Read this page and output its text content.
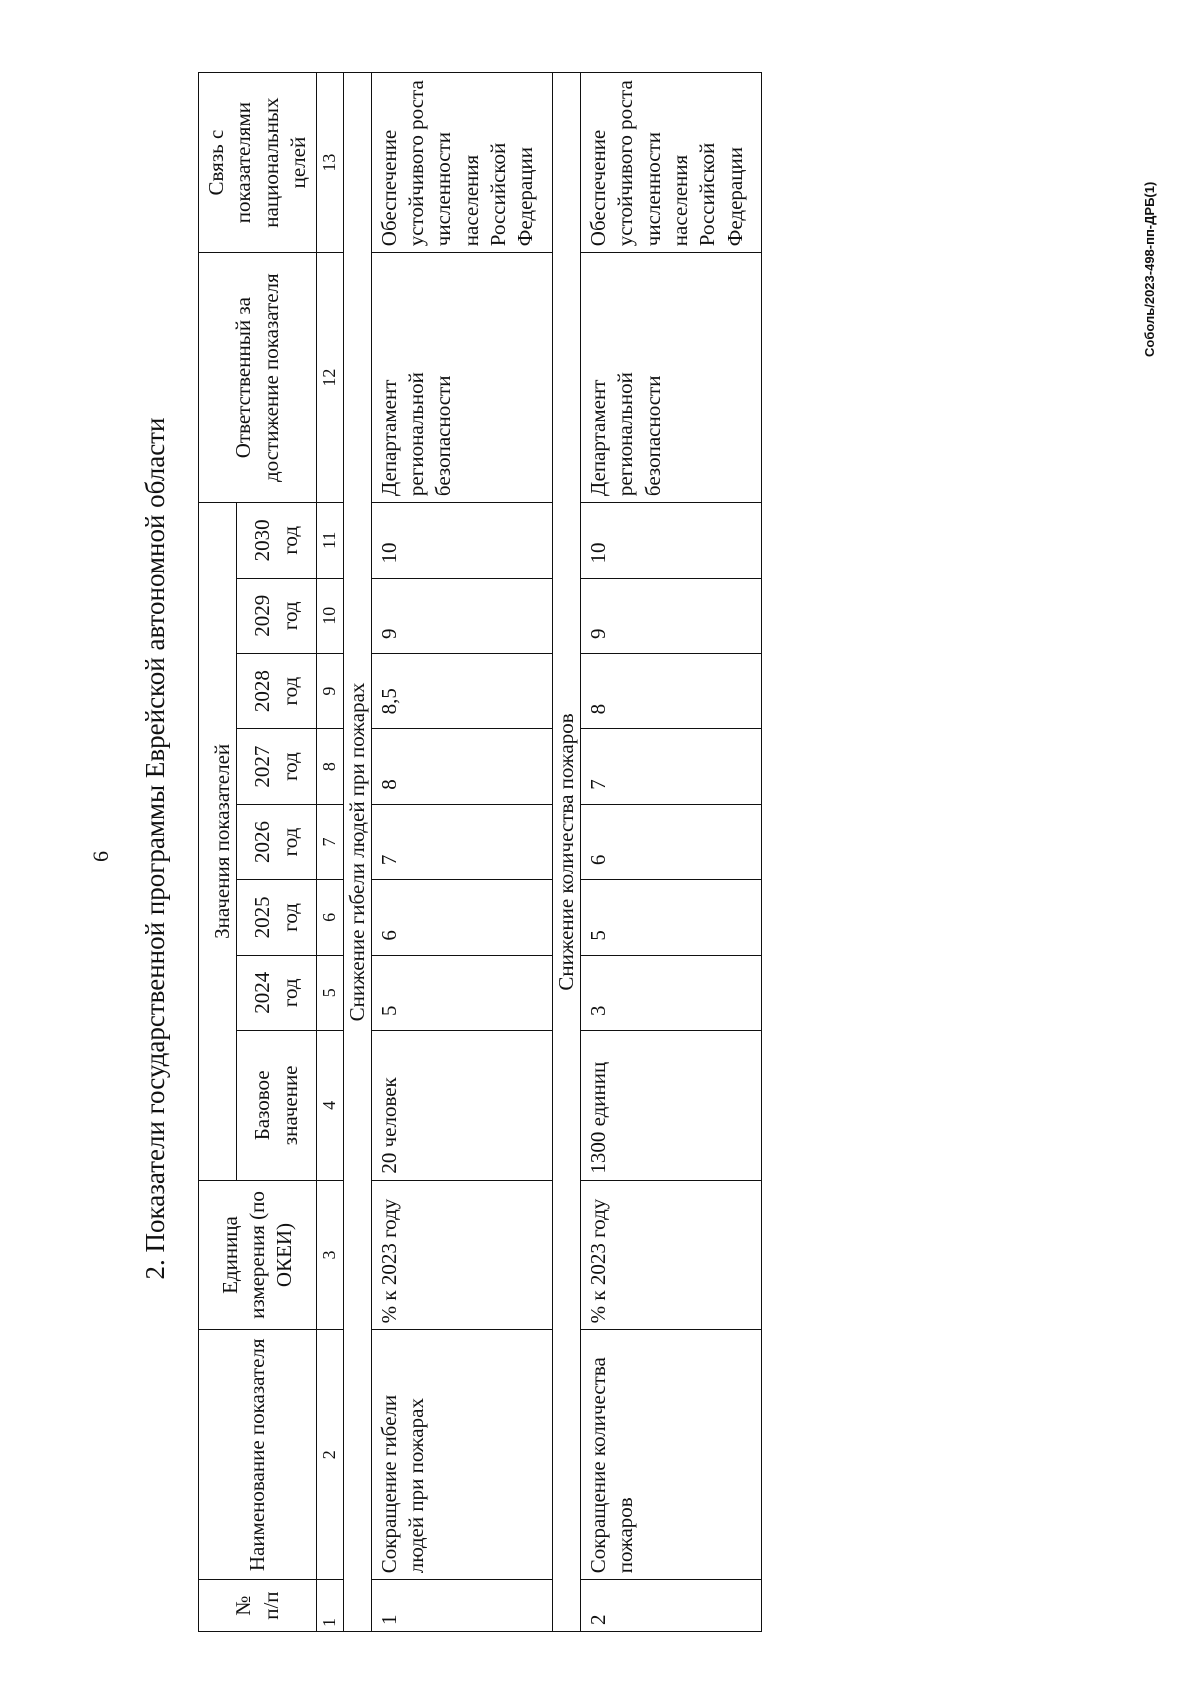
6 2. Показатели государственной программы Еврейской автономной области
№ п/п	Наименование показателя	Единица измерения (по ОКЕИ)	Значения показателей								Ответственный за достижение показателя	Связь с показателями национальных целей
			Базовое значение	2024 год	2025 год	2026 год	2027 год	2028 год	2029 год	2030 год		
1	2	3	4	5	6	7	8	9	10	11	12	13
Снижение гибели людей при пожарах												
1	Сокращение гибели людей при пожарах	% к 2023 году	20 человек	5	6	7	8	8,5	9	10	Департамент региональной безопасности	Обеспечение устойчивого роста численности населения Российской Федерации
Снижение количества пожаров												
2	Сокращение количества пожаров	% к 2023 году	1300 единиц	3	5	6	7	8	9	10	Департамент региональной безопасности	Обеспечение устойчивого роста численности населения Российской Федерации	Соболь/2023-498-пп-ДРБ(1)
